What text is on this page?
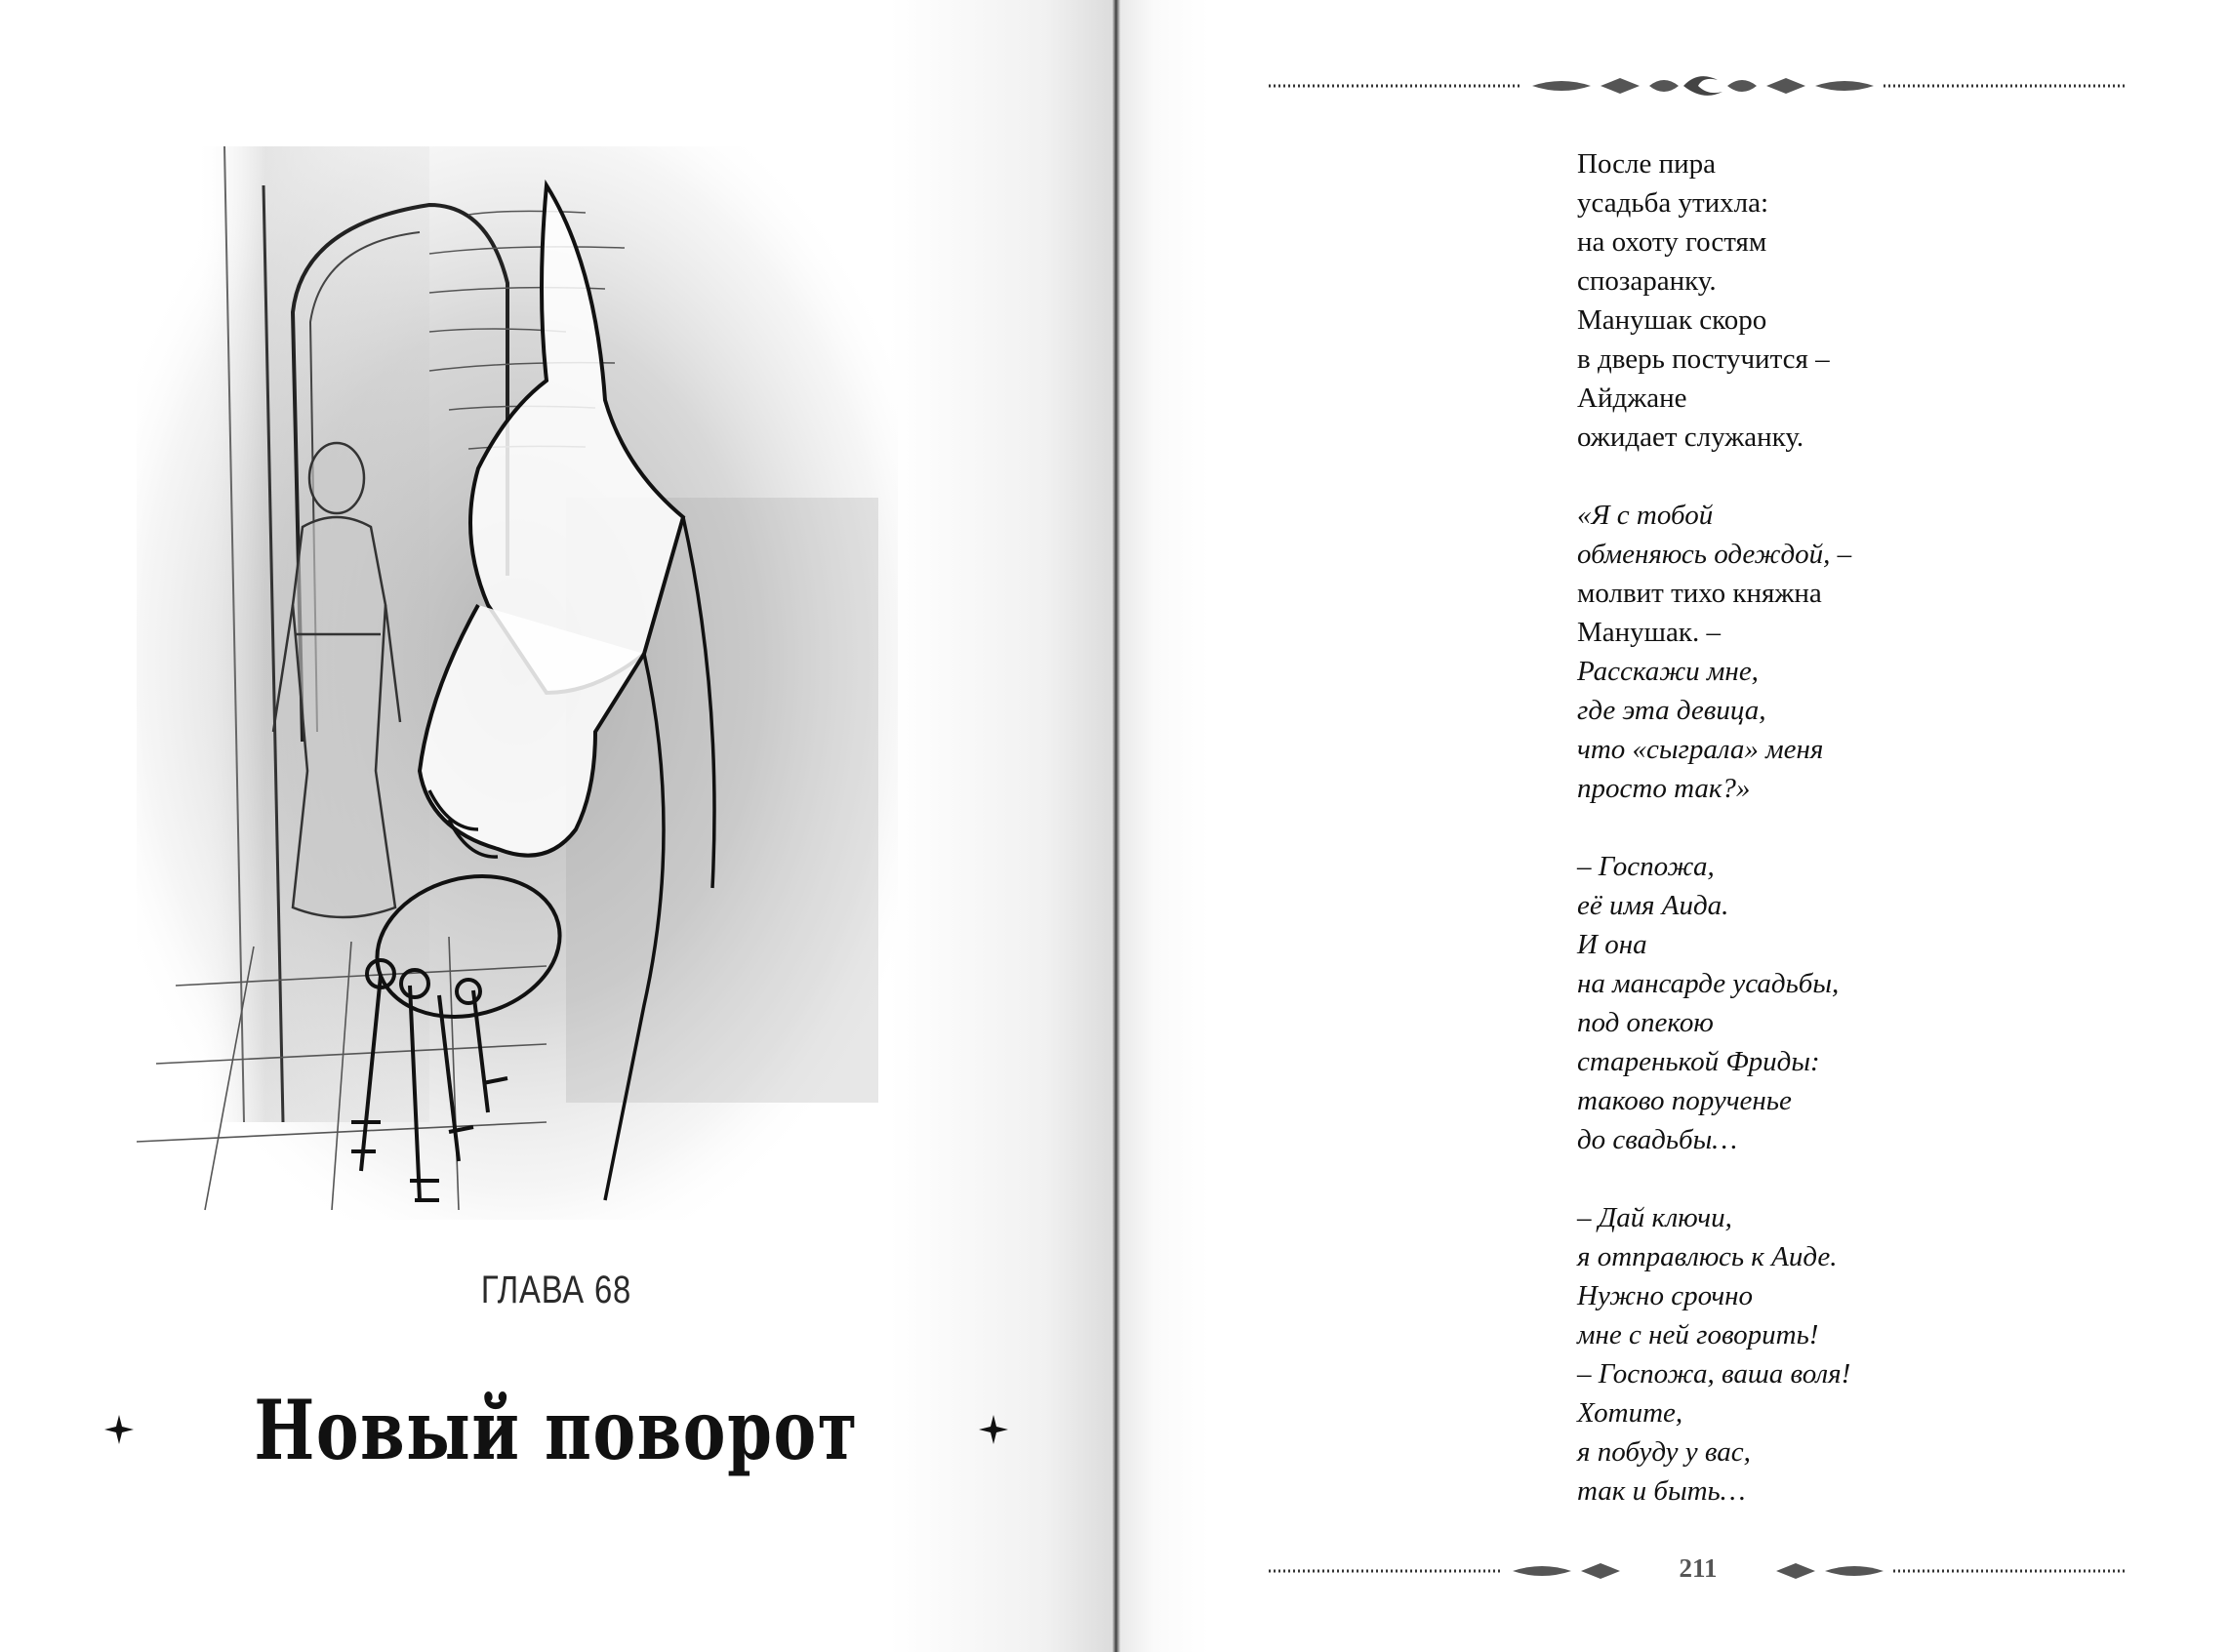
ГЛАВА 68
Новый поворот
После пира
усадьба утихла:
на охоту гостям
спозаранку.
Манушак скоро
в дверь постучится –
Айджане
ожидает служанку.
«Я с тобой
обменяюсь одеждой, –
молвит тихо княжна
Манушак. –
Расскажи мне,
где эта девица,
что «сыграла» меня
просто так?»
– Госпожа,
её имя Аида.
И она
на мансарде усадьбы,
под опекою
старенькой Фриды:
таково порученье
до свадьбы…
– Дай ключи,
я отправлюсь к Аиде.
Нужно срочно
мне с ней говорить!
– Госпожа, ваша воля!
Хотите,
я побуду у вас,
так и быть…
211
